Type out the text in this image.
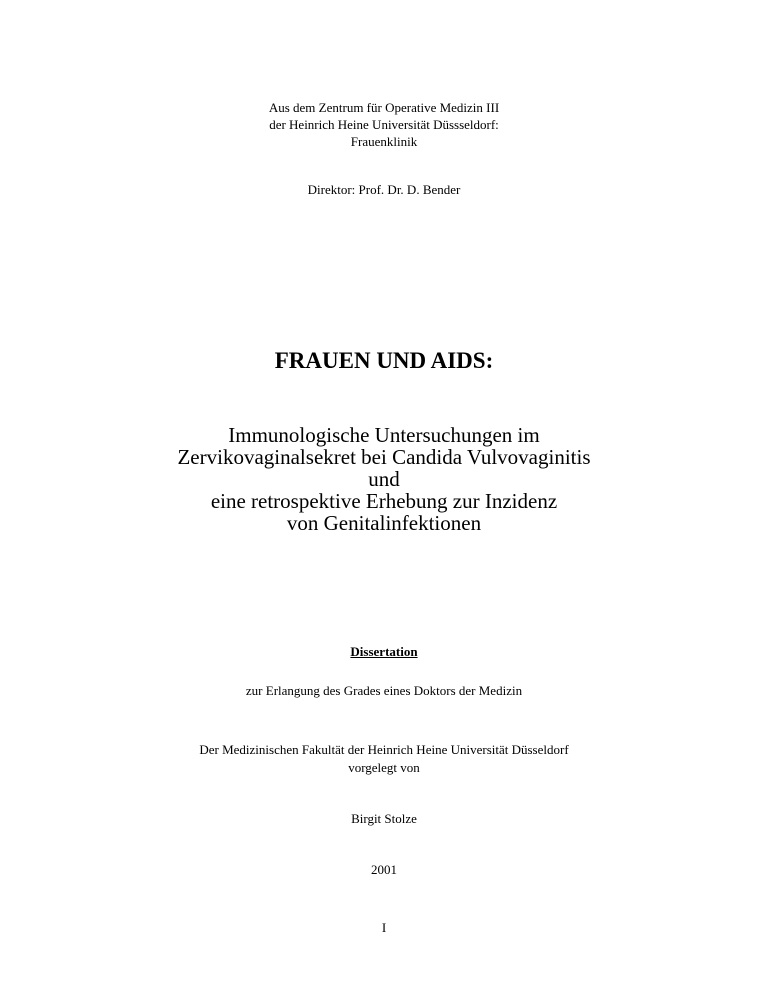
Aus dem Zentrum für Operative Medizin III
der Heinrich Heine Universität Düssseldorf:
Frauenklinik
Direktor: Prof. Dr. D. Bender
FRAUEN UND AIDS:
Immunologische Untersuchungen im
Zervikovaginalsekret bei Candida Vulvovaginitis
und
eine retrospektive Erhebung zur Inzidenz
von Genitalinfektionen
Dissertation
zur Erlangung des Grades eines Doktors der Medizin
Der Medizinischen Fakultät der Heinrich Heine Universität Düsseldorf
vorgelegt von
Birgit Stolze
2001
I
